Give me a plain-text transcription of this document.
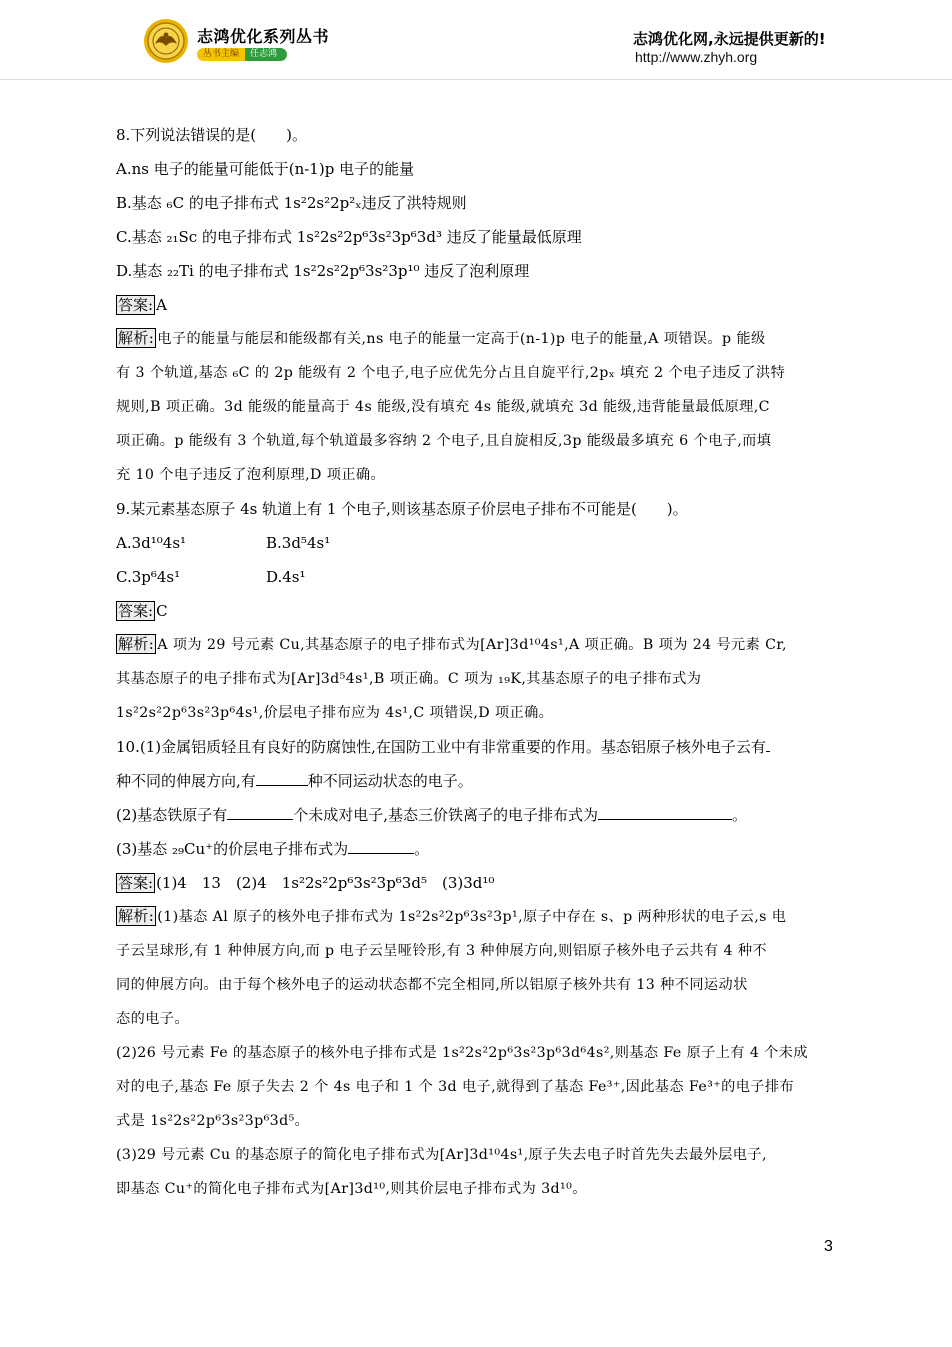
志鸿优化系列丛书
丛书主编	任志鸿
志鸿优化网,永远提供更新的!
http://www.zhyh.org
8.下列说法错误的是(　　)。
A.ns 电子的能量可能低于(n-1)p 电子的能量
B.基态 ₆C 的电子排布式 1s²2s²2p²ₓ违反了洪特规则
C.基态 ₂₁Sc 的电子排布式 1s²2s²2p⁶3s²3p⁶3d³ 违反了能量最低原理
D.基态 ₂₂Ti 的电子排布式 1s²2s²2p⁶3s²3p¹⁰ 违反了泡利原理
答案: A
解析: 电子的能量与能层和能级都有关,ns 电子的能量一定高于(n-1)p 电子的能量,A 项错误。p 能级
有 3 个轨道,基态 ₆C 的 2p 能级有 2 个电子,电子应优先分占且自旋平行,2pₓ 填充 2 个电子违反了洪特
规则,B 项正确。3d 能级的能量高于 4s 能级,没有填充 4s 能级,就填充 3d 能级,违背能量最低原理,C
项正确。p 能级有 3 个轨道,每个轨道最多容纳 2 个电子,且自旋相反,3p 能级最多填充 6 个电子,而填
充 10 个电子违反了泡利原理,D 项正确。
9.某元素基态原子 4s 轨道上有 1 个电子,则该基态原子价层电子排布不可能是(　　)。
A.3d¹⁰4s¹	B.3d⁵4s¹
C.3p⁶4s¹	D.4s¹
答案: C
解析: A 项为 29 号元素 Cu,其基态原子的电子排布式为[Ar]3d¹⁰4s¹,A 项正确。B 项为 24 号元素 Cr,
其基态原子的电子排布式为[Ar]3d⁵4s¹,B 项正确。C 项为 ₁₉K,其基态原子的电子排布式为
1s²2s²2p⁶3s²3p⁶4s¹,价层电子排布应为 4s¹,C 项错误,D 项正确。
10.(1)金属铝质轻且有良好的防腐蚀性,在国防工业中有非常重要的作用。基态铝原子核外电子云有
种不同的伸展方向,有	种不同运动状态的电子。
(2)基态铁原子有	个未成对电子,基态三价铁离子的电子排布式为	。
(3)基态 ₂₉Cu⁺的价层电子排布式为	。
答案: (1)4　13　(2)4　1s²2s²2p⁶3s²3p⁶3d⁵　(3)3d¹⁰
解析: (1)基态 Al 原子的核外电子排布式为 1s²2s²2p⁶3s²3p¹,原子中存在 s、p 两种形状的电子云,s 电
子云呈球形,有 1 种伸展方向,而 p 电子云呈哑铃形,有 3 种伸展方向,则铝原子核外电子云共有 4 种不
同的伸展方向。由于每个核外电子的运动状态都不完全相同,所以铝原子核外共有 13 种不同运动状
态的电子。
(2)26 号元素 Fe 的基态原子的核外电子排布式是 1s²2s²2p⁶3s²3p⁶3d⁶4s²,则基态 Fe 原子上有 4 个未成
对的电子,基态 Fe 原子失去 2 个 4s 电子和 1 个 3d 电子,就得到了基态 Fe³⁺,因此基态 Fe³⁺的电子排布
式是 1s²2s²2p⁶3s²3p⁶3d⁵。
(3)29 号元素 Cu 的基态原子的简化电子排布式为[Ar]3d¹⁰4s¹,原子失去电子时首先失去最外层电子,
即基态 Cu⁺的简化电子排布式为[Ar]3d¹⁰,则其价层电子排布式为 3d¹⁰。
3
